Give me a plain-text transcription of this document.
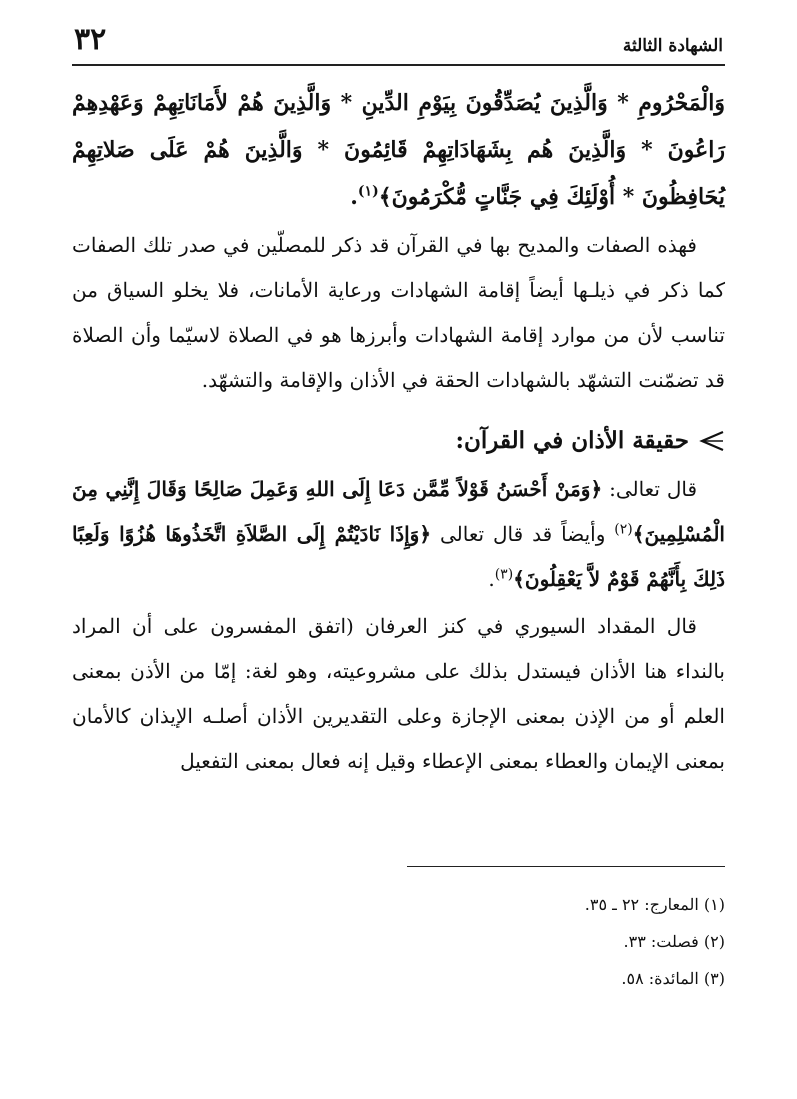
٣٢	الشهادة الثالثة

وَالْمَحْرُومِ * وَالَّذِينَ يُصَدِّقُونَ بِيَوْمِ الدِّينِ * وَالَّذِينَ هُمْ لأَمَانَاتِهِمْ وَعَهْدِهِمْ رَاعُونَ * وَالَّذِينَ هُم بِشَهَادَاتِهِمْ قَائِمُونَ * وَالَّذِينَ هُمْ عَلَى صَلاتِهِمْ يُحَافِظُونَ * أُوْلَئِكَ فِي جَنَّاتٍ مُّكْرَمُونَ﴾$^{(١)}$.

فهذه الصفات والمديح بها في القرآن قد ذكر للمصلّين في صدر تلك الصفات كما ذكر في ذيلـها أيضاً إقامة الشهادات ورعاية الأمانات، فلا يخلو السياق من تناسب لأن من موارد إقامة الشهادات وأبرزها هو في الصلاة لاسيّما وأن الصلاة قد تضمّنت التشهّد بالشهادات الحقة في الأذان والإقامة والتشهّد.

حقيقة الأذان في القرآن:

قال تعالى: ﴿وَمَنْ أَحْسَنُ قَوْلاً مِّمَّن دَعَا إِلَى اللهِ وَعَمِلَ صَالِحًا وَقَالَ إِنَّنِي مِنَ الْمُسْلِمِينَ﴾$^{(٢)}$ وأيضاً قد قال تعالى ﴿وَإِذَا نَادَيْتُمْ إِلَى الصَّلاَةِ اتَّخَذُوهَا هُزُوًا وَلَعِبًا ذَلِكَ بِأَنَّهُمْ قَوْمٌ لاَّ يَعْقِلُونَ﴾$^{(٣)}$.

قال المقداد السيوري في كنز العرفان (اتفق المفسرون على أن المراد بالنداء هنا الأذان فيستدل بذلك على مشروعيته، وهو لغة: إمّا من الأذن بمعنى العلم أو من الإذن بمعنى الإجازة وعلى التقديرين الأذان أصلـه الإيذان كالأمان بمعنى الإيمان والعطاء بمعنى الإعطاء وقيل إنه فعال بمعنى التفعيل

(١) المعارج: ٢٢ ـ ٣٥.

(٢) فصلت: ٣٣.

(٣) المائدة: ٥٨.
